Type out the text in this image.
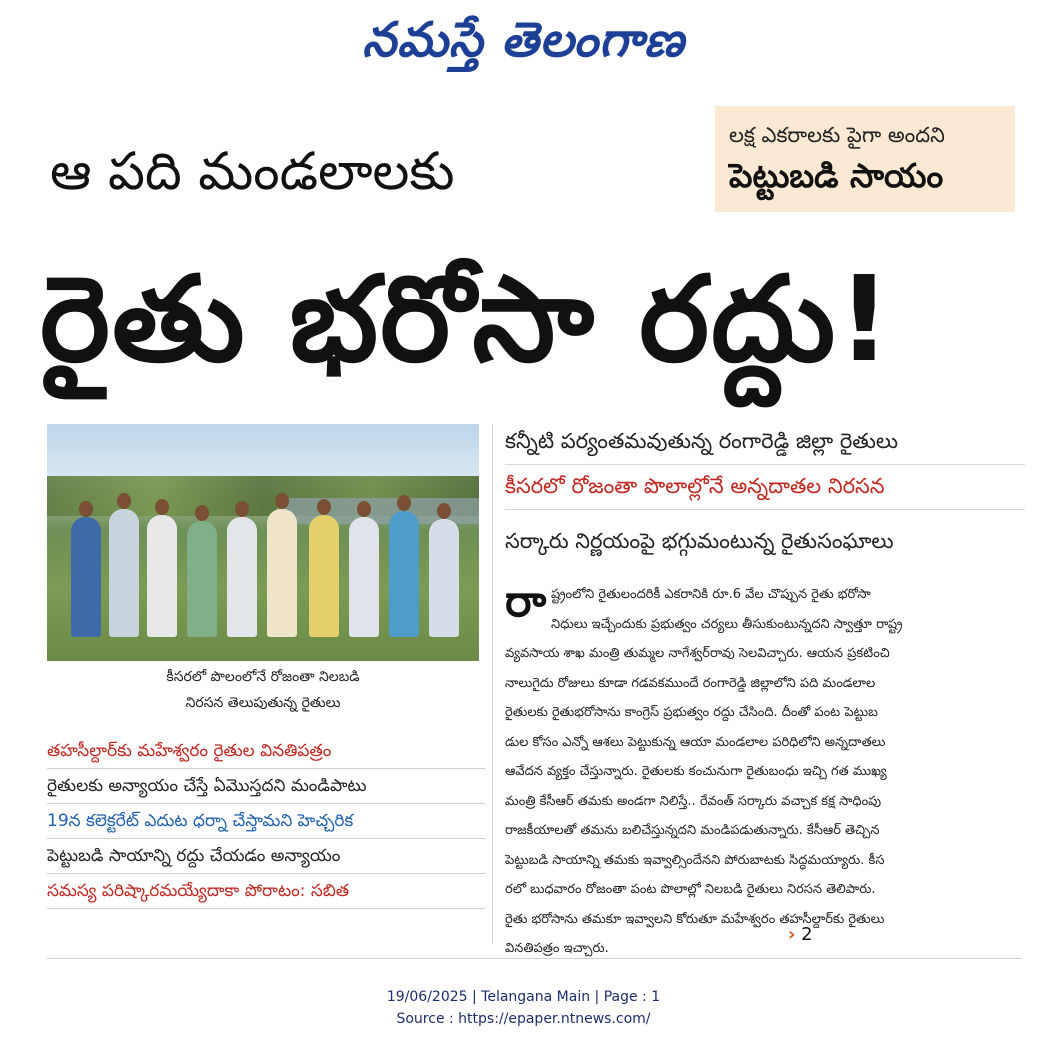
నమస్తే తెలంగాణ
ఆ పది మండలాలకు
లక్ష ఎకరాలకు పైగా అందని
పెట్టుబడి సాయం
రైతు భరోసా రద్దు!
కీసరలో పొలంలోనే రోజంతా నిలబడి
నిరసన తెలుపుతున్న రైతులు
తహసీల్దార్‌కు మహేశ్వరం రైతుల వినతిపత్రం
రైతులకు అన్యాయం చేస్తే ఏమొస్తదని మండిపాటు
19న కలెక్టరేట్ ఎదుట ధర్నా చేస్తామని హెచ్చరిక
పెట్టుబడి సాయాన్ని రద్దు చేయడం అన్యాయం
సమస్య పరిష్కారమయ్యేదాకా పోరాటం: సబిత
కన్నీటి పర్యంతమవుతున్న రంగారెడ్డి జిల్లా రైతులు
కీసరలో రోజంతా పొలాల్లోనే అన్నదాతల నిరసన
సర్కారు నిర్ణయంపై భగ్గుమంటున్న రైతుసంఘాలు
రా ష్ట్రంలోని రైతులందరికీ ఎకరానికి రూ.6 వేల చొప్పున రైతు భరోసా

నిధులు ఇచ్చేందుకు ప్రభుత్వం చర్యలు తీసుకుంటున్నదని స్వాత్తూ రాష్ట్ర

వ్యవసాయ శాఖ మంత్రి తుమ్మల నాగేశ్వర్‌రావు సెలవిచ్చారు. ఆయన ప్రకటించి

నాలుగైదు రోజులు కూడా గడవకముందే రంగారెడ్డి జిల్లాలోని పది మండలాల

రైతులకు రైతుభరోసాను కాంగ్రెస్ ప్రభుత్వం రద్దు చేసింది. దీంతో పంట పెట్టుబ

డుల కోసం ఎన్నో ఆశలు పెట్టుకున్న ఆయా మండలాల పరిధిలోని అన్నదాతలు

ఆవేదన వ్యక్తం చేస్తున్నారు. రైతులకు కంచునుగా రైతుబంధు ఇచ్చి గత ముఖ్య

మంత్రి కేసీఆర్ తమకు అండగా నిలిస్తే.. రేవంత్ సర్కారు వచ్చాక కక్ష సాధింపు

రాజకీయాలతో తమను బలిచేస్తున్నదని మండిపడుతున్నారు. కేసీఆర్ తెచ్చిన

పెట్టుబడి సాయాన్ని తమకు ఇవ్వాల్సిందేనని పోరుబాటకు సిద్ధమయ్యారు. కీస

రలో బుధవారం రోజంతా పంట పొలాల్లో నిలబడి రైతులు నిరసన తెలిపారు.

రైతు భరోసాను తమకూ ఇవ్వాలని కోరుతూ మహేశ్వరం తహసీల్దార్‌కు రైతులు

వినతిపత్రం ఇచ్చారు.

› 2
19/06/2025 | Telangana Main | Page : 1
Source : https://epaper.ntnews.com/
